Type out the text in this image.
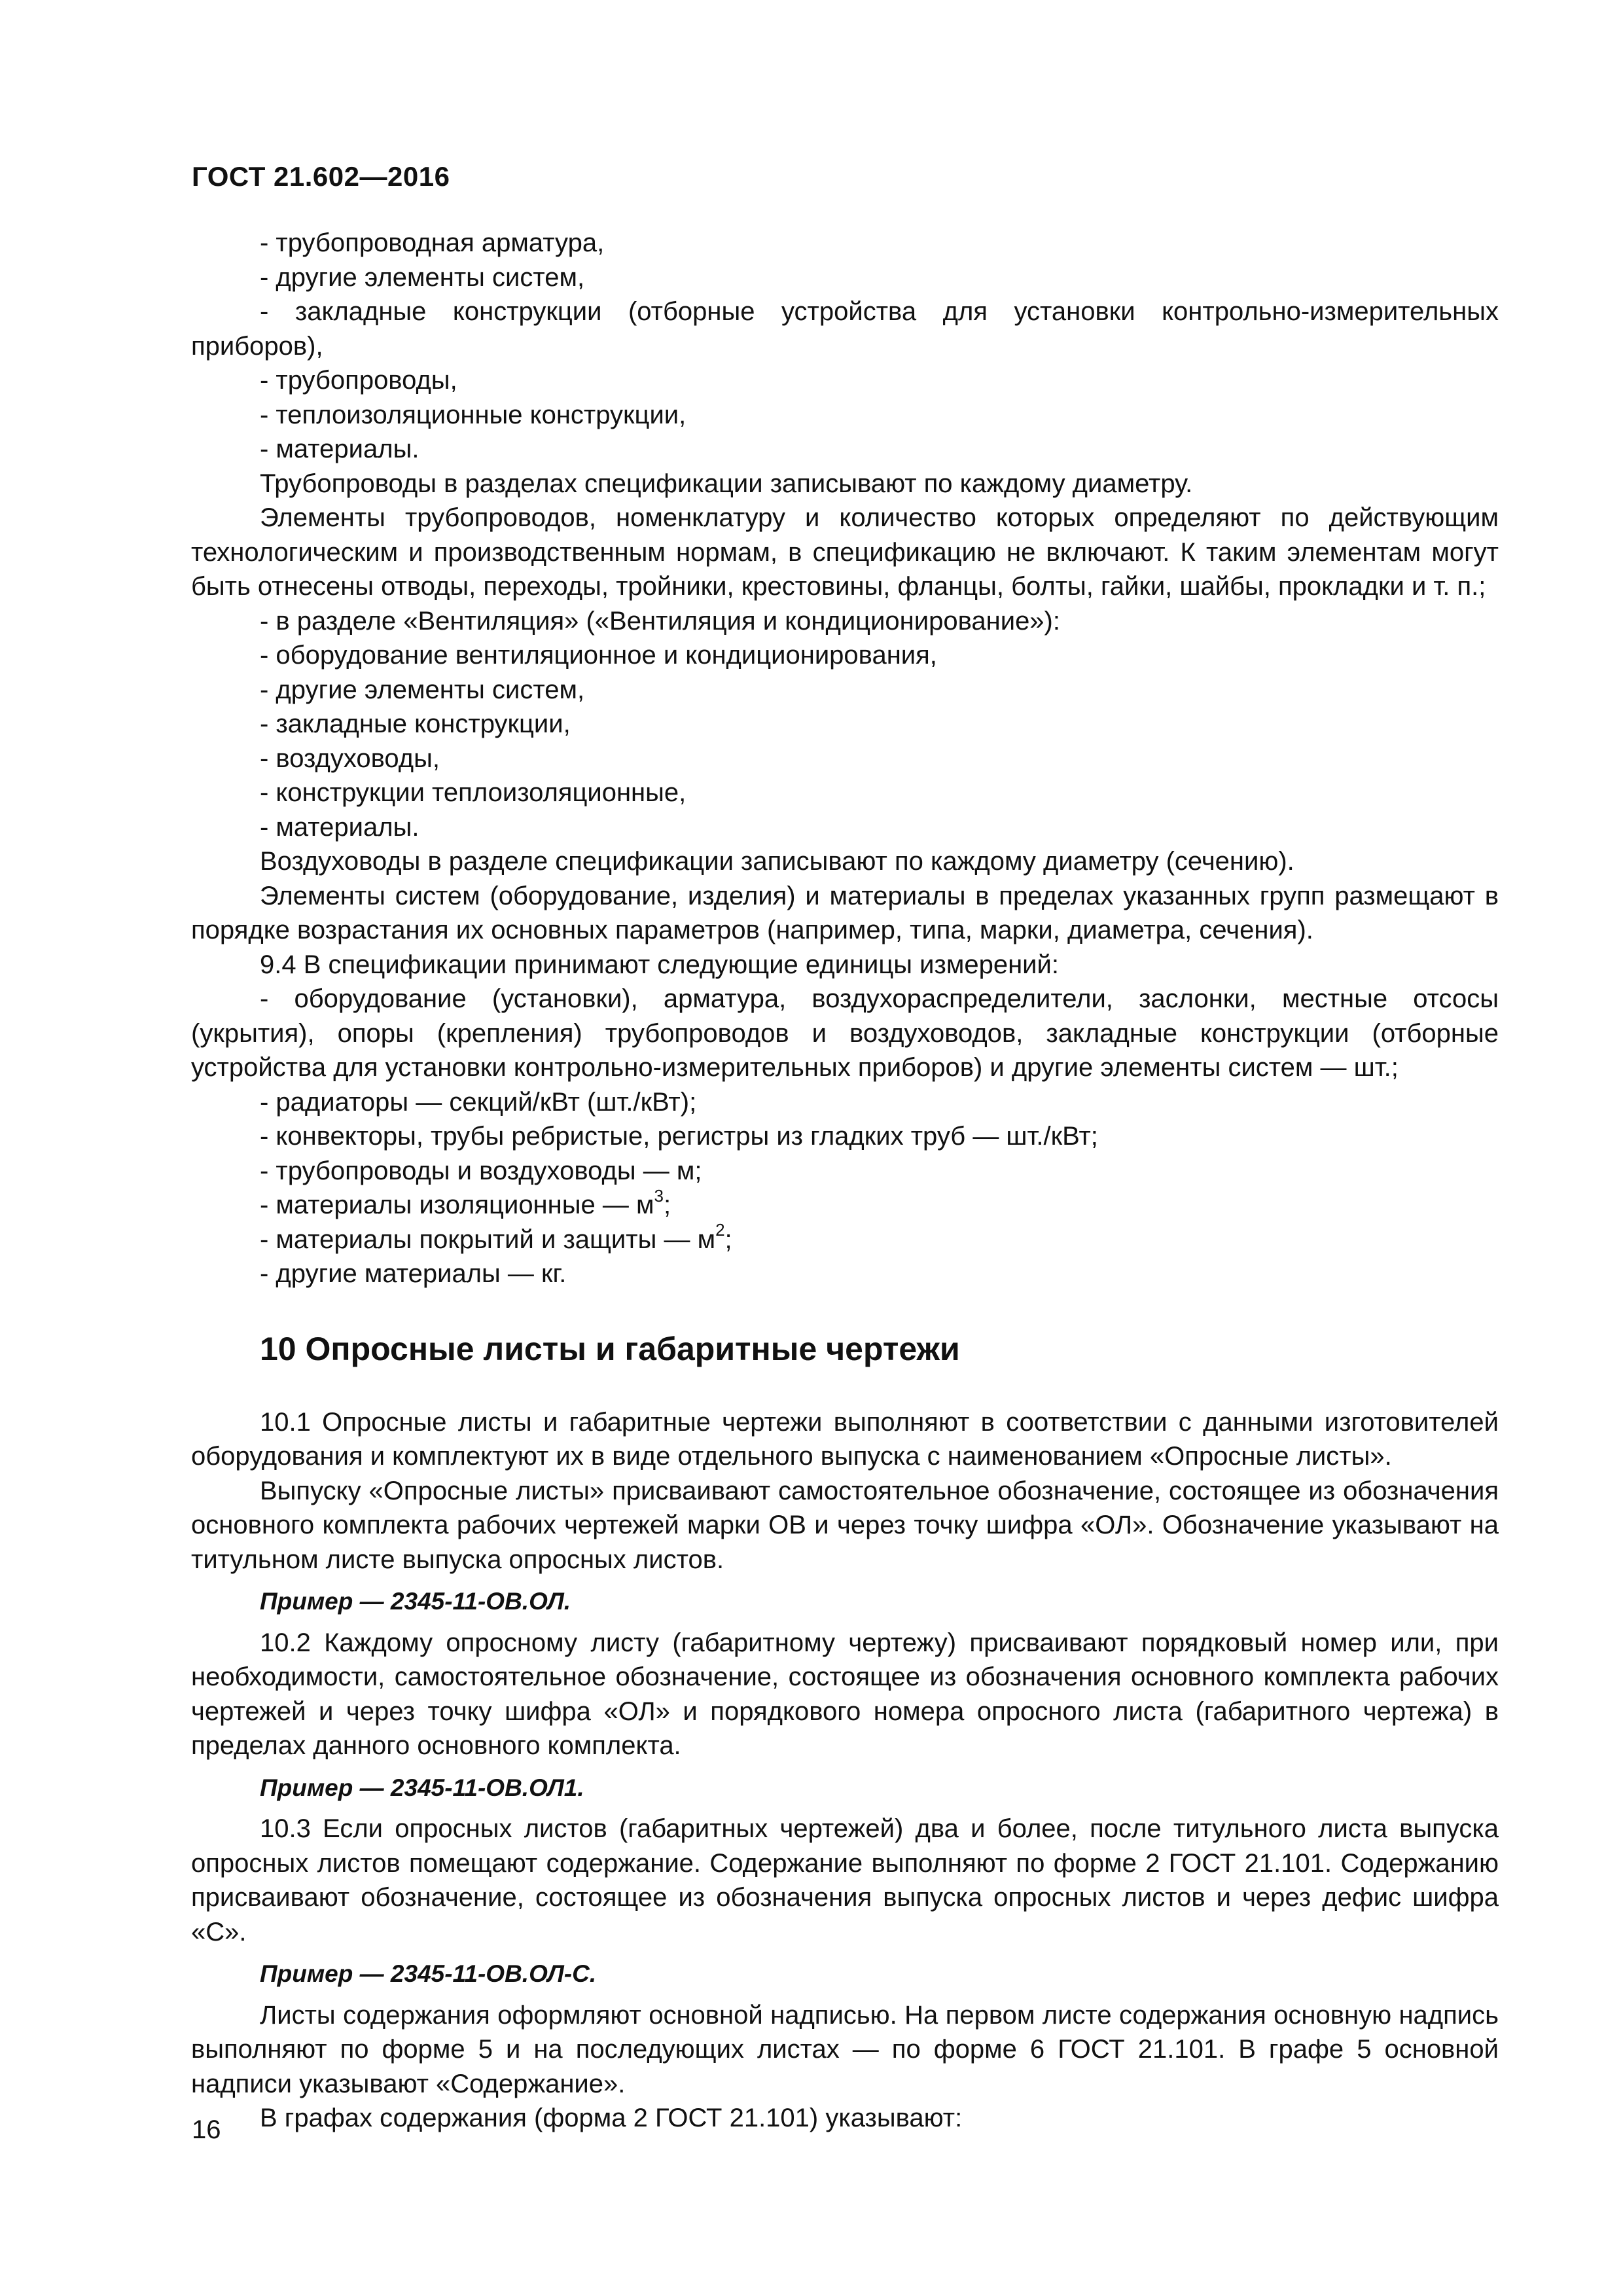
ГОСТ 21.602—2016

- трубопроводная арматура,

- другие элементы систем,

- закладные конструкции (отборные устройства для установки контрольно-измерительных приборов),

- трубопроводы,

- теплоизоляционные конструкции,

- материалы.

Трубопроводы в разделах спецификации записывают по каждому диаметру.

Элементы трубопроводов, номенклатуру и количество которых определяют по действующим технологическим и производственным нормам, в спецификацию не включают. К таким элементам могут быть отнесены отводы, переходы, тройники, крестовины, фланцы, болты, гайки, шайбы, прокладки и т. п.;

- в разделе «Вентиляция» («Вентиляция и кондиционирование»):

- оборудование вентиляционное и кондиционирования,

- другие элементы систем,

- закладные конструкции,

- воздуховоды,

- конструкции теплоизоляционные,

- материалы.

Воздуховоды в разделе спецификации записывают по каждому диаметру (сечению).

Элементы систем (оборудование, изделия) и материалы в пределах указанных групп размещают в порядке возрастания их основных параметров (например, типа, марки, диаметра, сечения).

9.4 В спецификации принимают следующие единицы измерений:

- оборудование (установки), арматура, воздухораспределители, заслонки, местные отсосы (укрытия), опоры (крепления) трубопроводов и воздуховодов, закладные конструкции (отборные устройства для установки контрольно-измерительных приборов) и другие элементы систем — шт.;

- радиаторы — секций/кВт (шт./кВт);

- конвекторы, трубы ребристые, регистры из гладких труб — шт./кВт;

- трубопроводы и воздуховоды — м;

- материалы изоляционные — $м^3$;

- материалы покрытий и защиты — $м^2$;

- другие материалы — кг.

10 Опросные листы и габаритные чертежи

10.1 Опросные листы и габаритные чертежи выполняют в соответствии с данными изготовителей оборудования и комплектуют их в виде отдельного выпуска с наименованием «Опросные листы».

Выпуску «Опросные листы» присваивают самостоятельное обозначение, состоящее из обозначения основного комплекта рабочих чертежей марки ОВ и через точку шифра «ОЛ». Обозначение указывают на титульном листе выпуска опросных листов.

Пример — 2345-11-ОВ.ОЛ.

10.2 Каждому опросному листу (габаритному чертежу) присваивают порядковый номер или, при необходимости, самостоятельное обозначение, состоящее из обозначения основного комплекта рабочих чертежей и через точку шифра «ОЛ» и порядкового номера опросного листа (габаритного чертежа) в пределах данного основного комплекта.

Пример — 2345-11-ОВ.ОЛ1.

10.3 Если опросных листов (габаритных чертежей) два и более, после титульного листа выпуска опросных листов помещают содержание. Содержание выполняют по форме 2 ГОСТ 21.101. Содержанию присваивают обозначение, состоящее из обозначения выпуска опросных листов и через дефис шифра «С».

Пример — 2345-11-ОВ.ОЛ-С.

Листы содержания оформляют основной надписью. На первом листе содержания основную надпись выполняют по форме 5 и на последующих листах — по форме 6 ГОСТ 21.101. В графе 5 основной надписи указывают «Содержание».

В графах содержания (форма 2 ГОСТ 21.101) указывают:

16
